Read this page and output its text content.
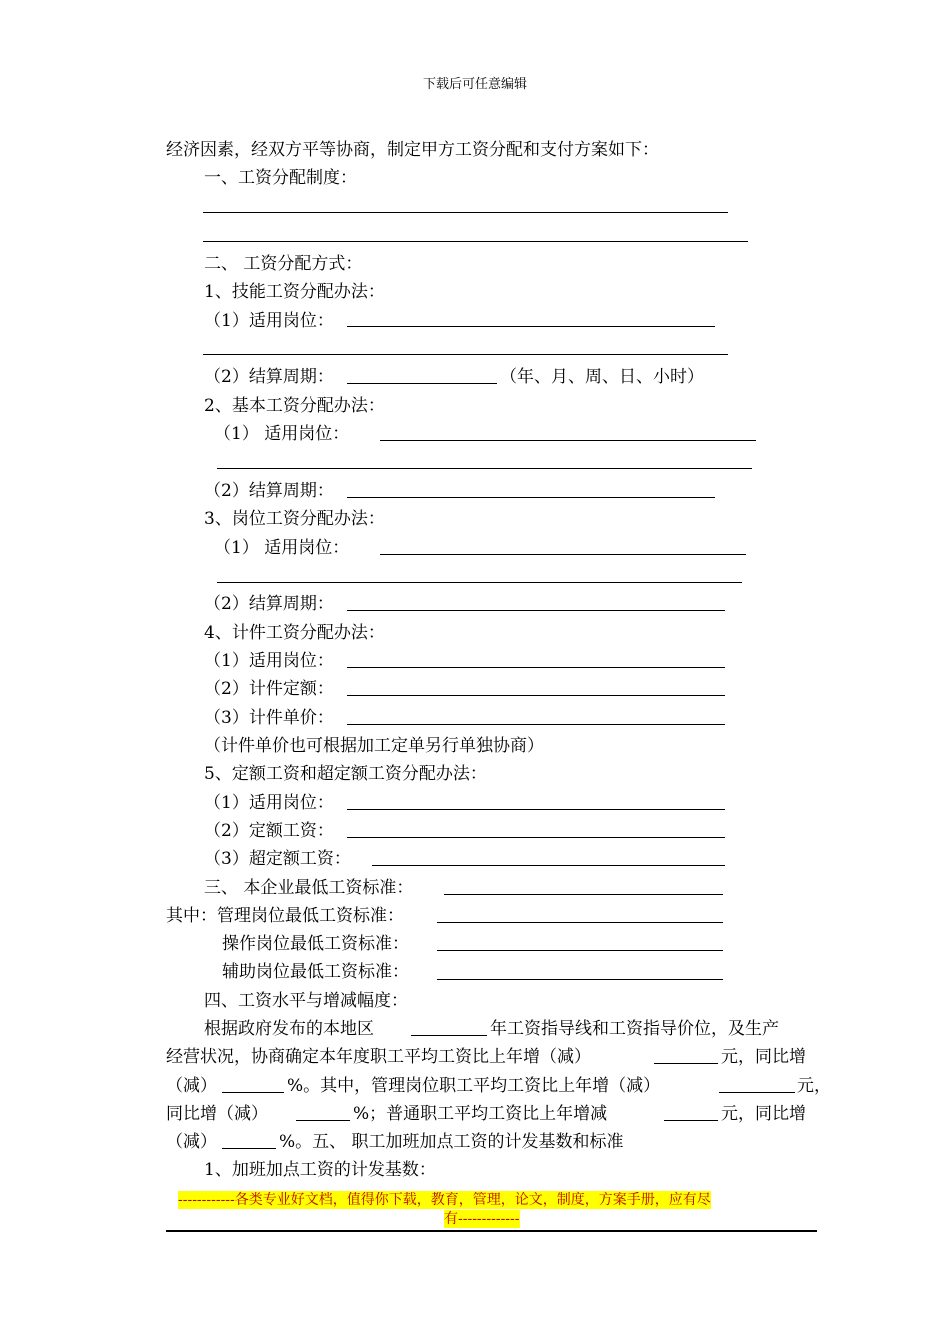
下载后可任意编辑
经济因素，经双方平等协商，制定甲方工资分配和支付方案如下：
一、工资分配制度：
二、 工资分配方式：
1、技能工资分配办法：
（1）适用岗位：
（2）结算周期：	（年、月、周、日、小时）
2、基本工资分配办法：
（1） 适用岗位：
（2）结算周期：
3、岗位工资分配办法：
（1） 适用岗位：
（2）结算周期：
4、计件工资分配办法：
（1）适用岗位：
（2）计件定额：
（3）计件单价：
（计件单价也可根据加工定单另行单独协商）
5、定额工资和超定额工资分配办法：
（1）适用岗位：
（2）定额工资：
（3）超定额工资：
三、 本企业最低工资标准：
其中：管理岗位最低工资标准：
操作岗位最低工资标准：
辅助岗位最低工资标准：
四、工资水平与增减幅度：
根据政府发布的本地区	年工资指导线和工资指导价位，及生产
经营状况，协商确定本年度职工平均工资比上年增（减）	元，同比增
（减）	%。其中，管理岗位职工平均工资比上年增（减）	元，
同比增（减）	%；普通职工平均工资比上年增减	元，同比增
（减）	%。五、 职工加班加点工资的计发基数和标准
1、加班加点工资的计发基数：
------------各类专业好文档，值得你下载，教育，管理，论文，制度，方案手册，应有尽
有-------------
